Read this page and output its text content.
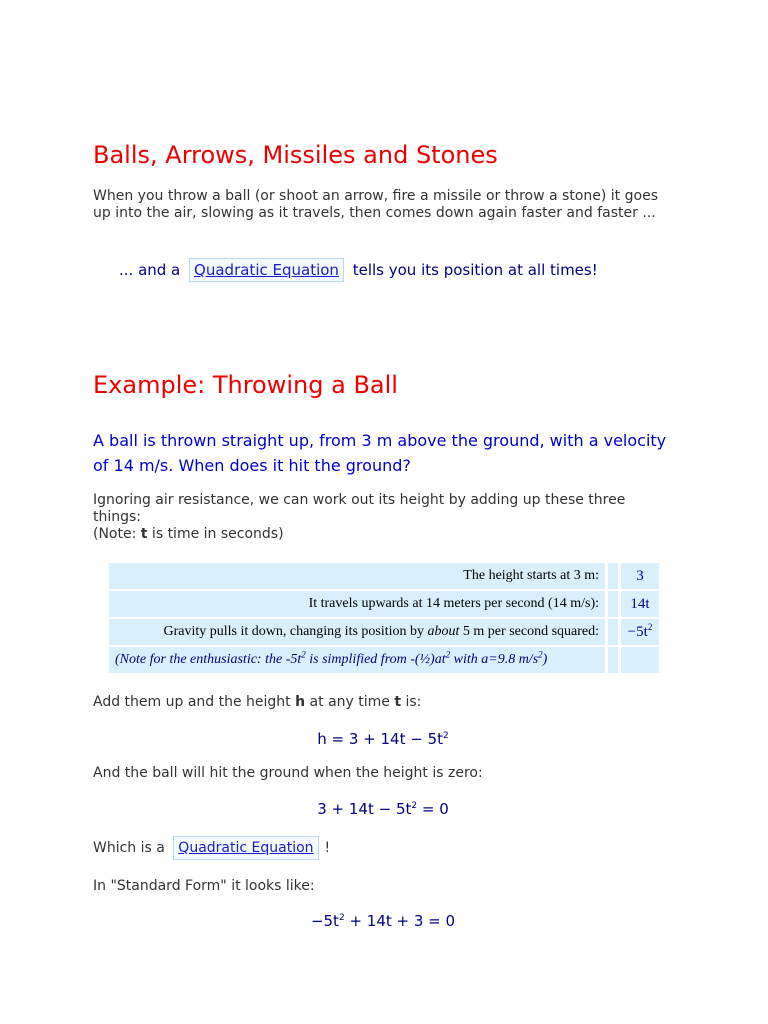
Balls, Arrows, Missiles and Stones

When you throw a ball (or shoot an arrow, fire a missile or throw a stone) it goes up into the air, slowing as it travels, then comes down again faster and faster ...

... and a Quadratic Equation tells you its position at all times!

Example: Throwing a Ball

A ball is thrown straight up, from 3 m above the ground, with a velocity of 14 m/s. When does it hit the ground?

Ignoring air resistance, we can work out its height by adding up these three things:
(Note: t is time in seconds)

The height starts at 3 m:		3
It travels upwards at 14 meters per second (14 m/s):		14t
Gravity pulls it down, changing its position by about 5 m per second squared:		$-5t^2$
(Note for the enthusiastic: the $-5t^2$ is simplified from $-(\frac{1}{2})at^2$ with a=9.8 $m/s^2$)		

Add them up and the height h at any time t is:

$h = 3 + 14t - 5t^2$

And the ball will hit the ground when the height is zero:

$3 + 14t - 5t^2 = 0$

Which is a Quadratic Equation !

In "Standard Form" it looks like:

$-5t^2 + 14t + 3 = 0$
